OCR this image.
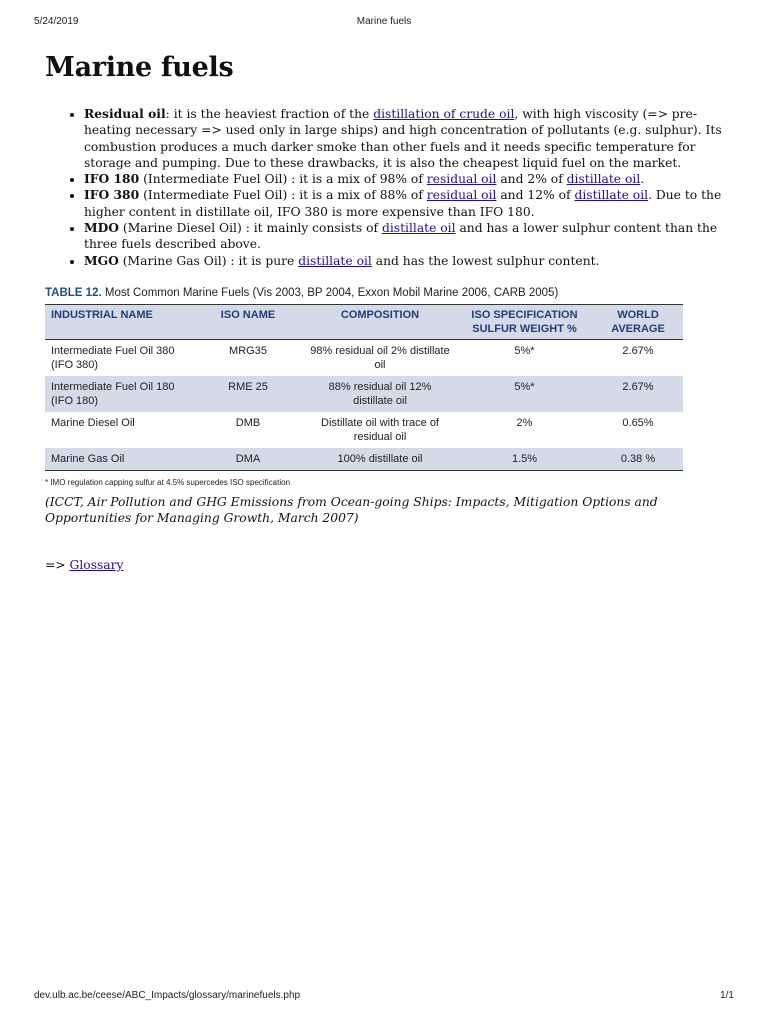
5/24/2019	Marine fuels
Marine fuels
• Residual oil: it is the heaviest fraction of the distillation of crude oil, with high viscosity (=> pre-heating necessary => used only in large ships) and high concentration of pollutants (e.g. sulphur). Its combustion produces a much darker smoke than other fuels and it needs specific temperature for storage and pumping. Due to these drawbacks, it is also the cheapest liquid fuel on the market.
• IFO 180 (Intermediate Fuel Oil) : it is a mix of 98% of residual oil and 2% of distillate oil.
• IFO 380 (Intermediate Fuel Oil) : it is a mix of 88% of residual oil and 12% of distillate oil. Due to the higher content in distillate oil, IFO 380 is more expensive than IFO 180.
• MDO (Marine Diesel Oil) : it mainly consists of distillate oil and has a lower sulphur content than the three fuels described above.
• MGO (Marine Gas Oil) : it is pure distillate oil and has the lowest sulphur content.
TABLE 12. Most Common Marine Fuels (Vis 2003, BP 2004, Exxon Mobil Marine 2006, CARB 2005)
INDUSTRIAL NAME	ISO NAME	COMPOSITION	ISO SPECIFICATION SULFUR WEIGHT %	WORLD AVERAGE
Intermediate Fuel Oil 380 (IFO 380)	MRG35	98% residual oil 2% distillate oil	5%*	2.67%
Intermediate Fuel Oil 180 (IFO 180)	RME 25	88% residual oil 12% distillate oil	5%*	2.67%
Marine Diesel Oil	DMB	Distillate oil with trace of residual oil	2%	0.65%
Marine Gas Oil	DMA	100% distillate oil	1.5%	0.38 %
* IMO regulation capping sulfur at 4.5% supercedes ISO specification
(ICCT, Air Pollution and GHG Emissions from Ocean-going Ships: Impacts, Mitigation Options and Opportunities for Managing Growth, March 2007)
=> Glossary
dev.ulb.ac.be/ceese/ABC_Impacts/glossary/marinefuels.php	1/1
